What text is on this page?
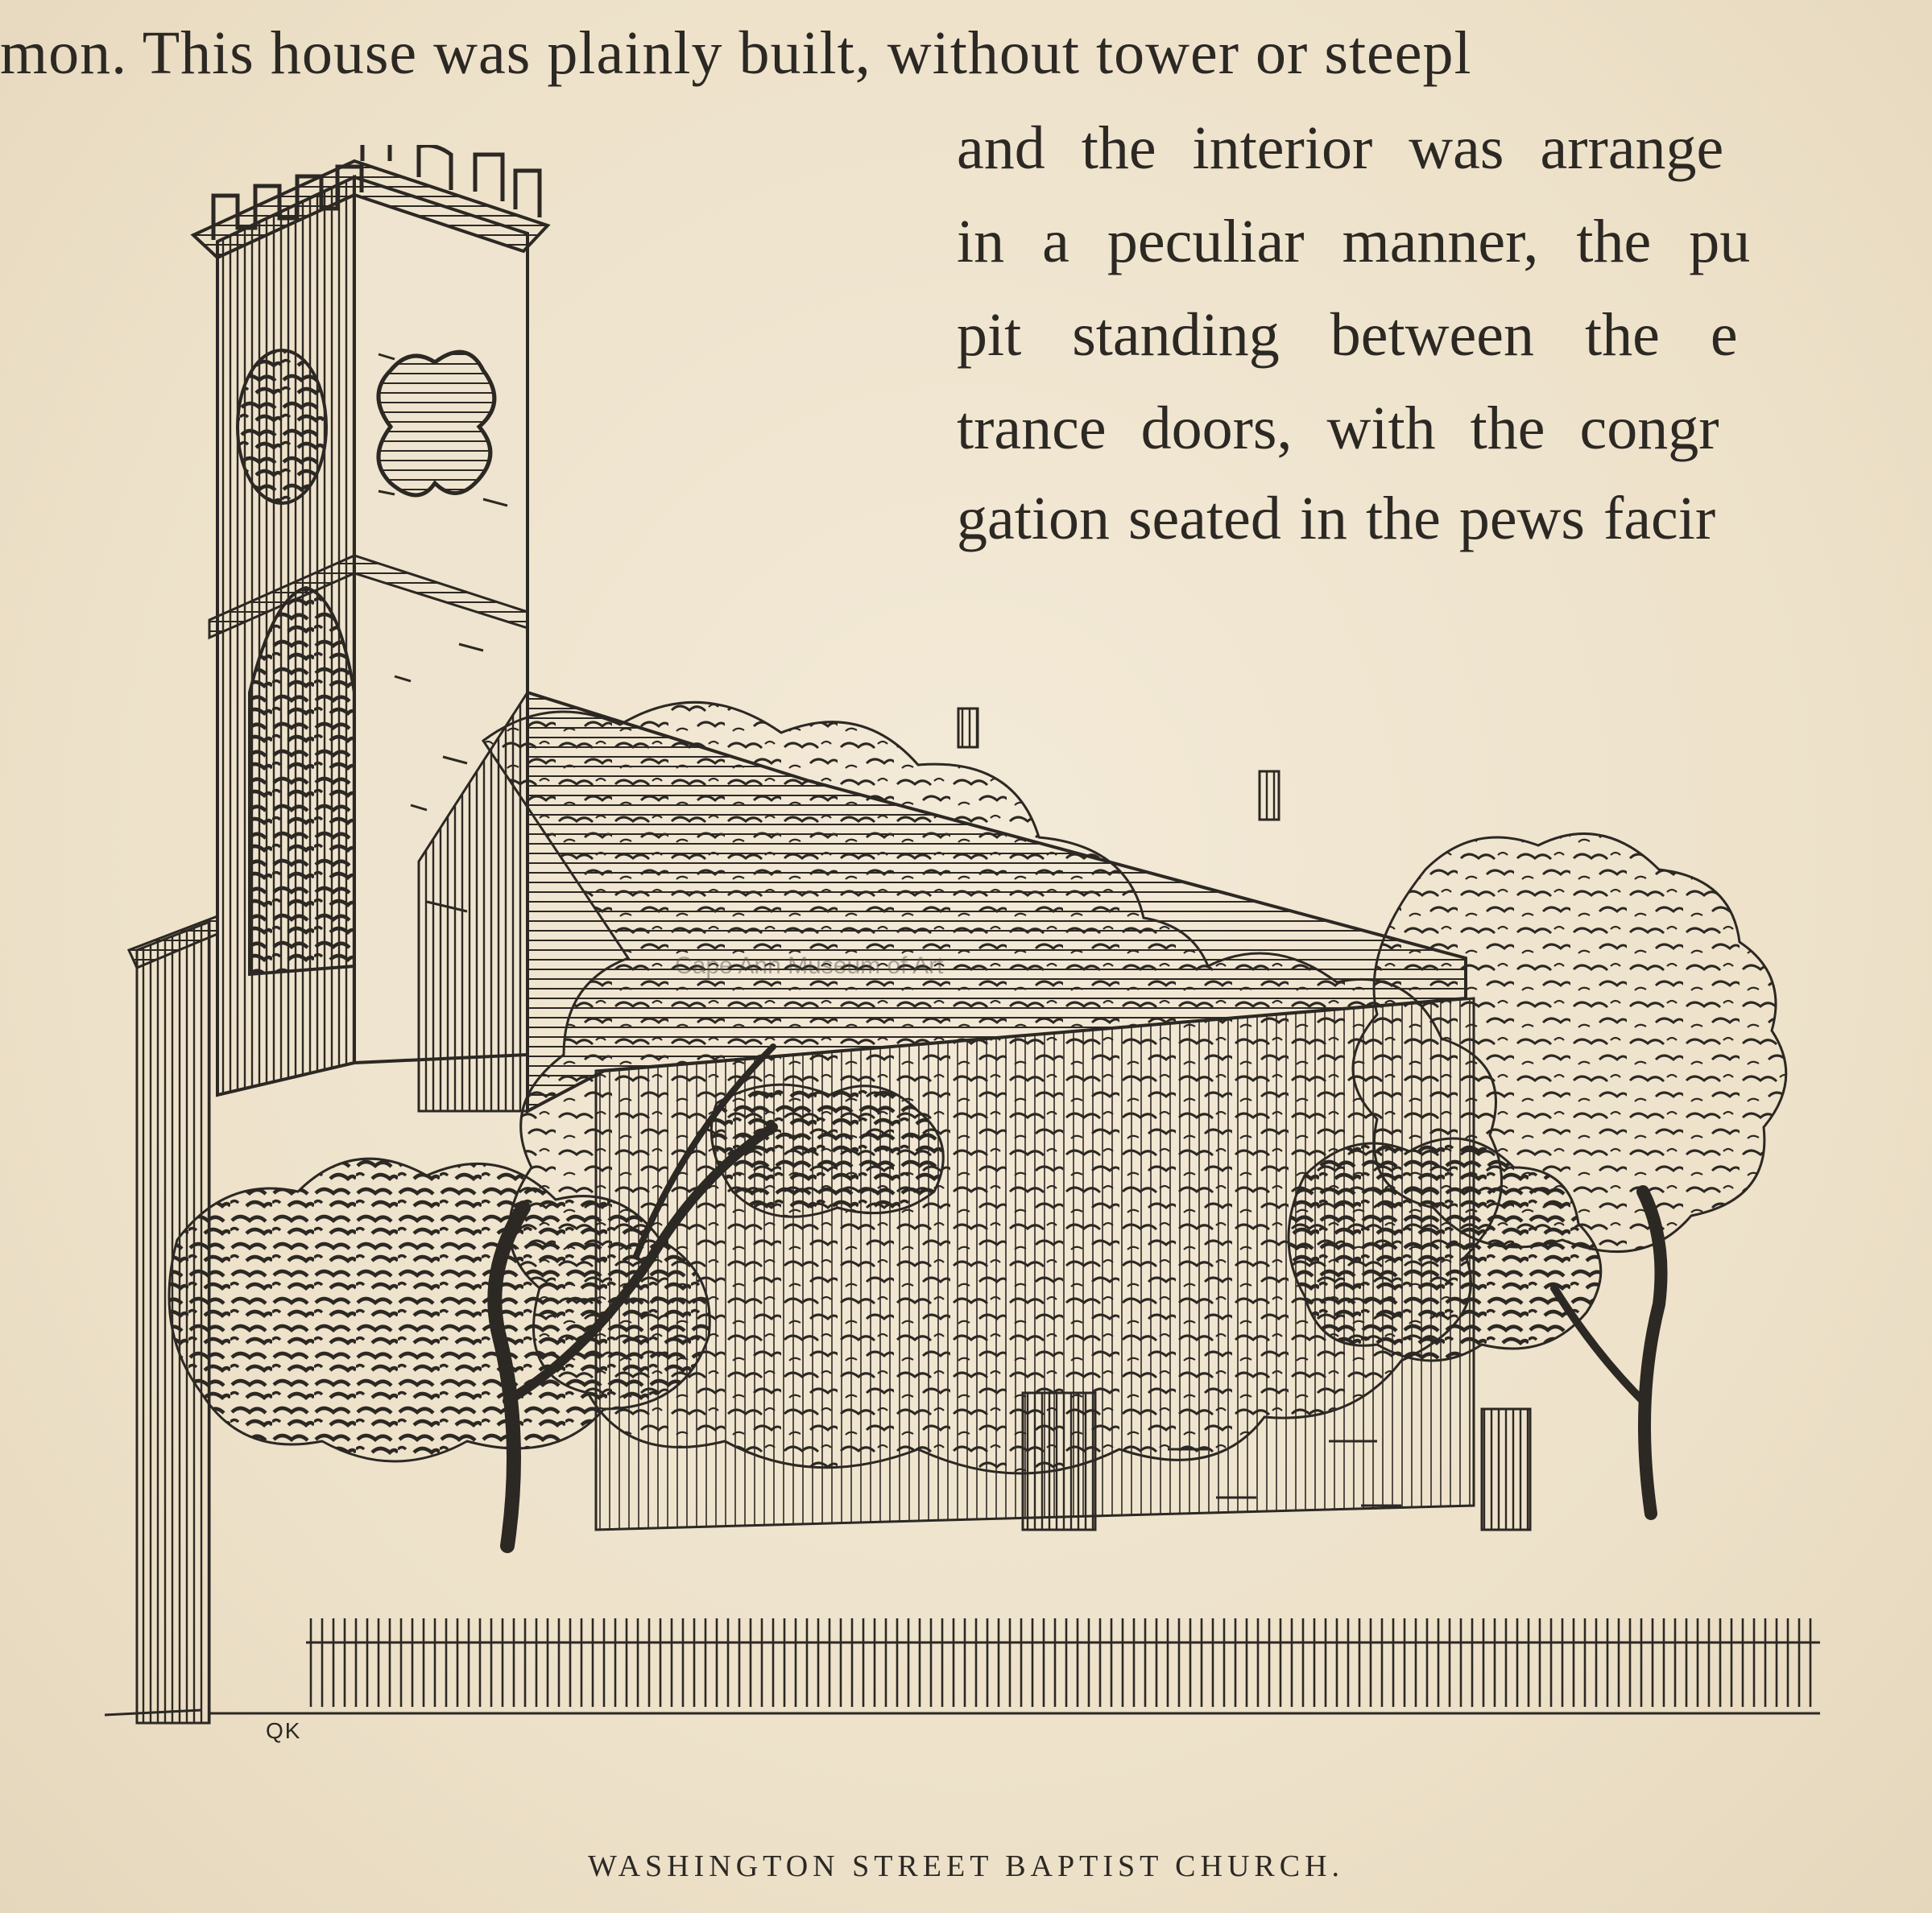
mon. This house was plainly built, without tower or steepl

and the interior was arrange

in a peculiar manner, the pu

pit standing between the e

trance doors, with the congr

gation seated in the pews facir

Cape Ann Museum of Art
QK

WASHINGTON STREET BAPTIST CHURCH.
